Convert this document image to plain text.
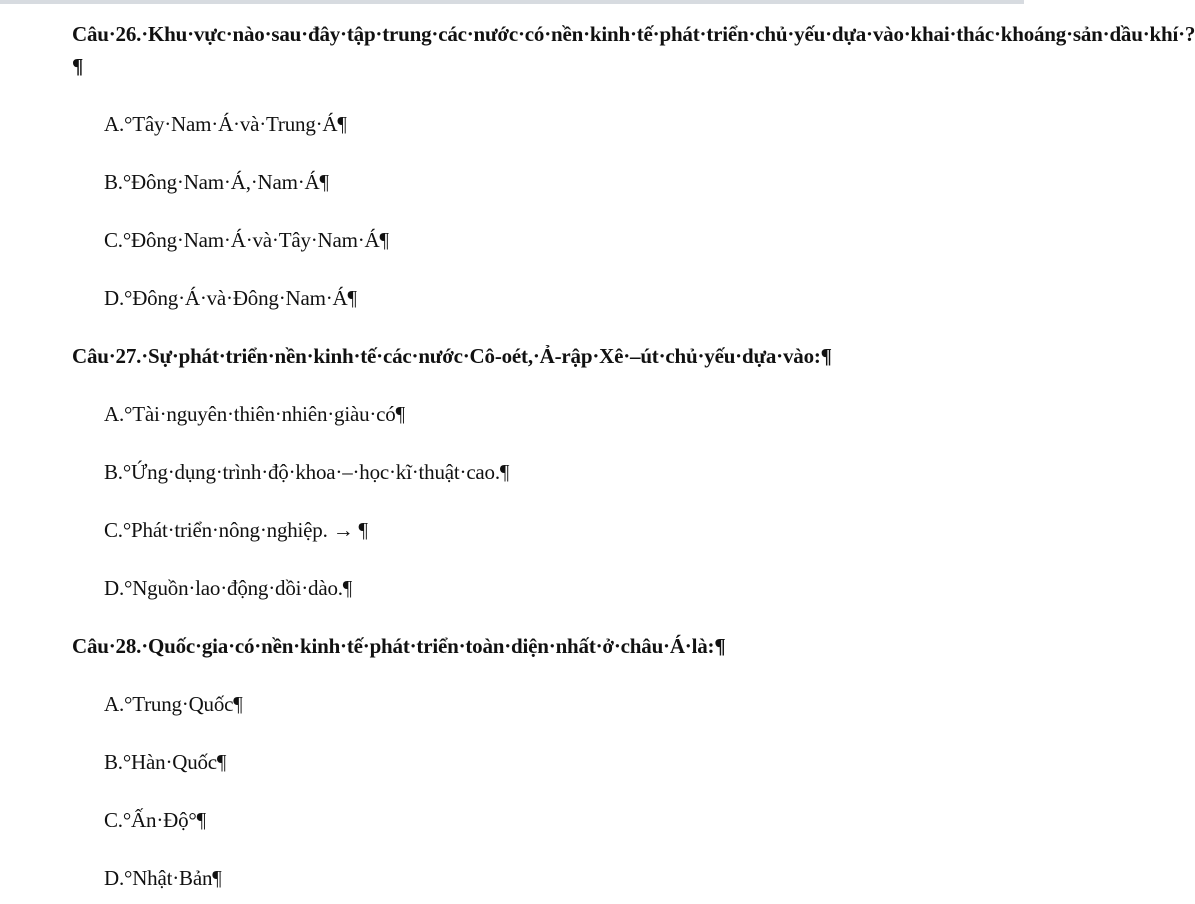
Câu·26.·Khu·vực·nào·sau·đây·tập·trung·các·nước·có·nền·kinh·tế·phát·triển·chủ·yếu·dựa·vào·khai·thác·khoáng·sản·dầu·khí·?¶
A.°Tây·Nam·Á·và·Trung·Á¶
B.°Đông·Nam·Á,·Nam·Á¶
C.°Đông·Nam·Á·và·Tây·Nam·Á¶
D.°Đông·Á·và·Đông·Nam·Á¶
Câu·27.·Sự·phát·triển·nền·kinh·tế·các·nước·Cô-oét,·Ả-rập·Xê·–út·chủ·yếu·dựa·vào:¶
A.°Tài·nguyên·thiên·nhiên·giàu·có¶
B.°Ứng·dụng·trình·độ·khoa·–·học·kĩ·thuật·cao.¶
C.°Phát·triển·nông·nghiệp. → ¶
D.°Nguồn·lao·động·dồi·dào.¶
Câu·28.·Quốc·gia·có·nền·kinh·tế·phát·triển·toàn·diện·nhất·ở·châu·Á·là:¶
A.°Trung·Quốc¶
B.°Hàn·Quốc¶
C.°Ấn·Độ°¶
D.°Nhật·Bản¶
